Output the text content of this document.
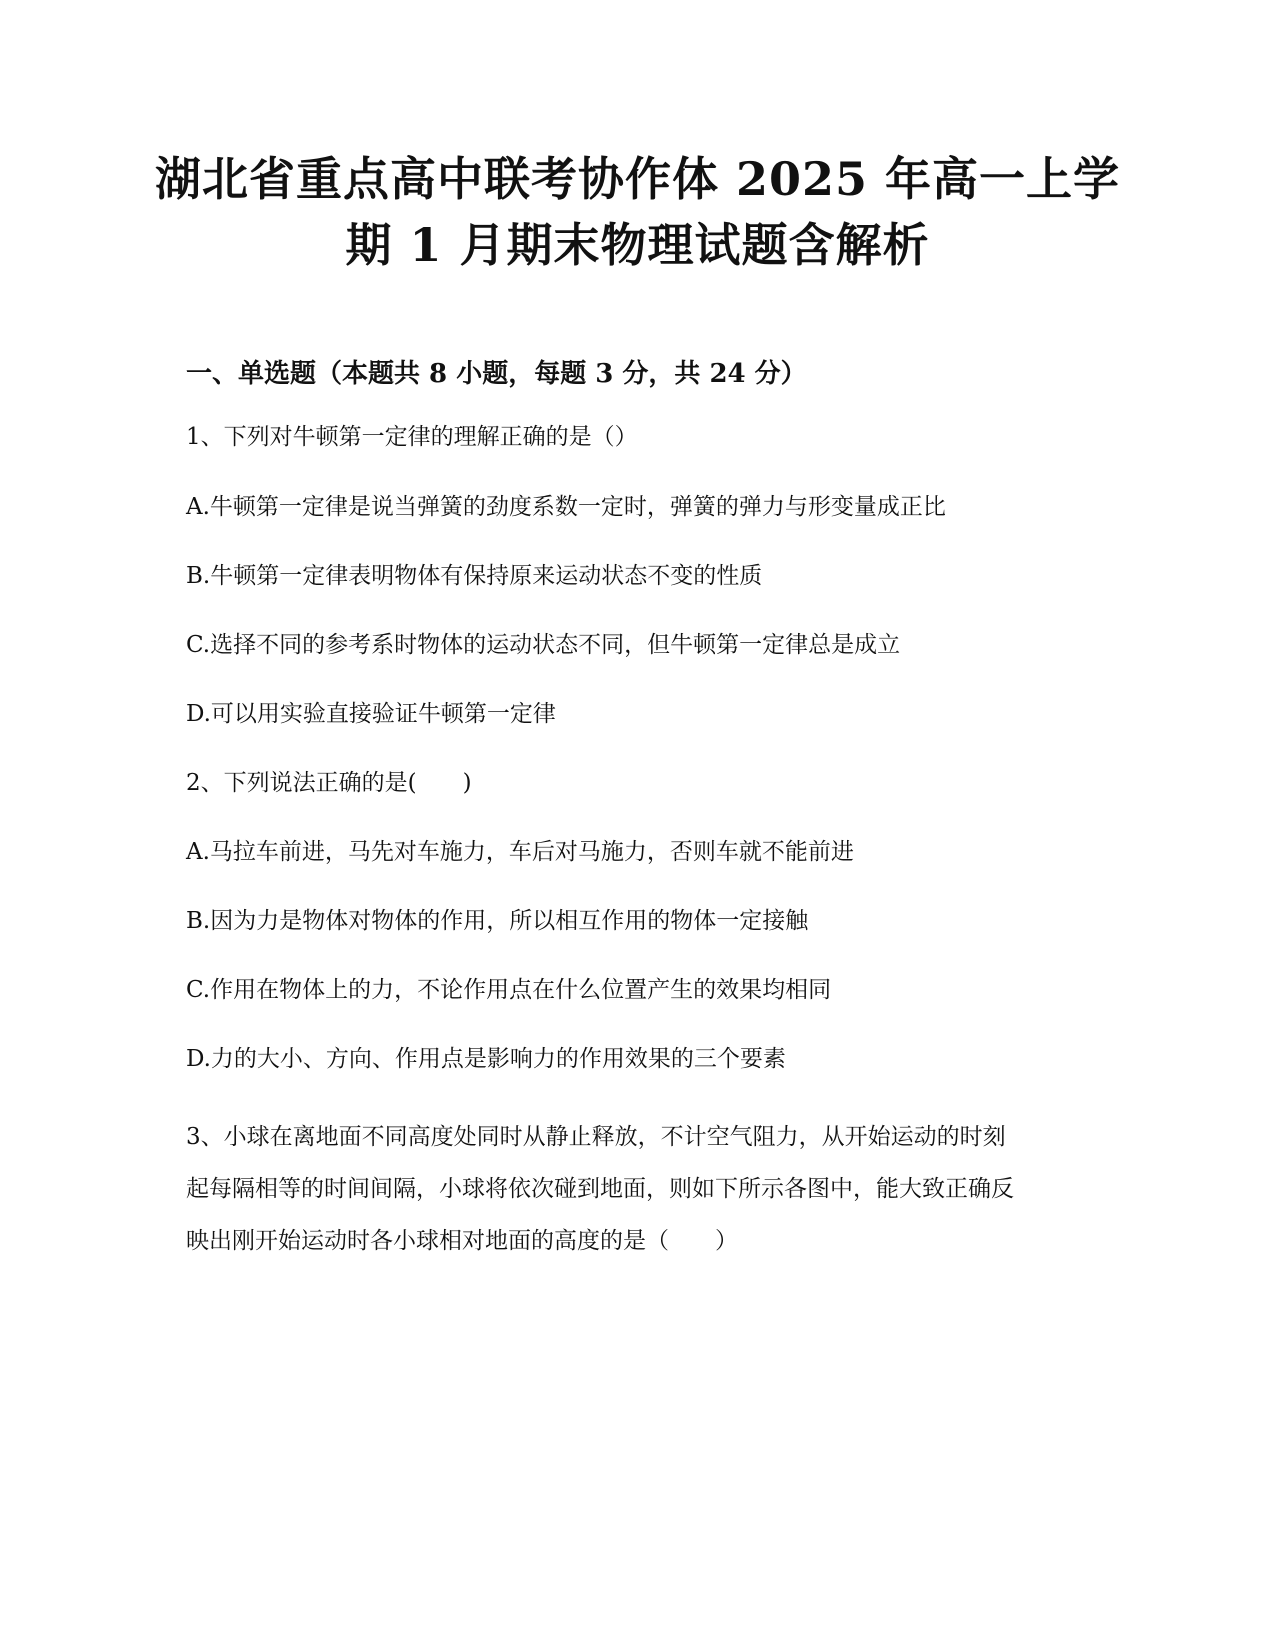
湖北省重点高中联考协作体 2025 年高一上学
期 1 月期末物理试题含解析
一、单选题（本题共 8 小题，每题 3 分，共 24 分）

1、下列对牛顿第一定律的理解正确的是（）

A.牛顿第一定律是说当弹簧的劲度系数一定时，弹簧的弹力与形变量成正比

B.牛顿第一定律表明物体有保持原来运动状态不变的性质

C.选择不同的参考系时物体的运动状态不同，但牛顿第一定律总是成立

D.可以用实验直接验证牛顿第一定律

2、下列说法正确的是(　　)

A.马拉车前进，马先对车施力，车后对马施力，否则车就不能前进

B.因为力是物体对物体的作用，所以相互作用的物体一定接触

C.作用在物体上的力，不论作用点在什么位置产生的效果均相同

D.力的大小、方向、作用点是影响力的作用效果的三个要素

3、小球在离地面不同高度处同时从静止释放，不计空气阻力，从开始运动的时刻
起每隔相等的时间间隔，小球将依次碰到地面，则如下所示各图中，能大致正确反
映出刚开始运动时各小球相对地面的高度的是（　　）
